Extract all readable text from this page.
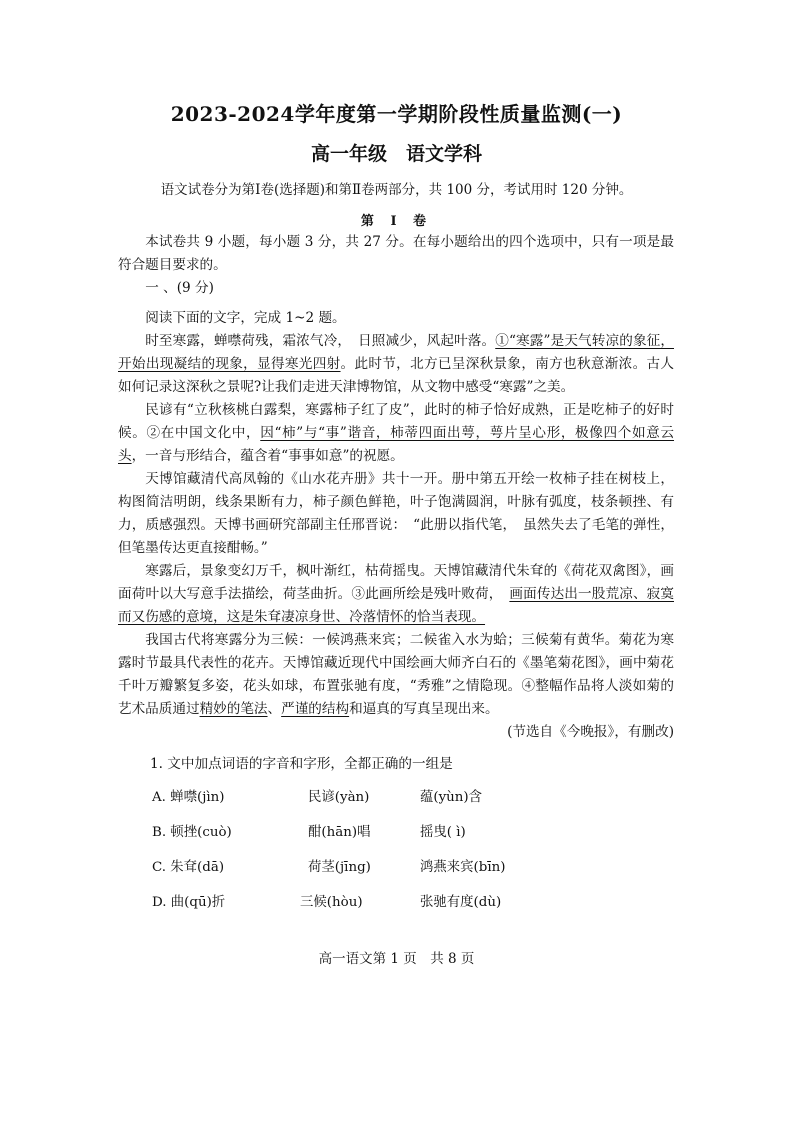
2023-2024学年度第一学期阶段性质量监测(一)
高一年级　语文学科
语文试卷分为第Ⅰ卷(选择题)和第Ⅱ卷两部分，共 100 分，考试用时 120 分钟。
第 Ⅰ 卷

本试卷共 9 小题，每小题 3 分，共 27 分。在每小题给出的四个选项中，只有一项是最符合题目要求的。

一 、(9 分)

阅读下面的文字，完成 1~2 题。

时至寒露，蝉噤荷残，霜浓气冷，　日照减少，风起叶落。①“寒露”是天气转凉的象征，开始出现凝结的现象，显得寒光四射。此时节，北方已呈深秋景象，南方也秋意渐浓。古人如何记录这深秋之景呢?让我们走进天津博物馆，从文物中感受“寒露”之美。

民谚有“立秋核桃白露梨，寒露柿子红了皮”，此时的柿子恰好成熟，正是吃柿子的好时候。②在中国文化中，因“柿”与“事”谐音，柿蒂四面出萼，萼片呈心形，极像四个如意云头，一音与形结合，蕴含着“事事如意”的祝愿。

天博馆藏清代高凤翰的《山水花卉册》共十一开。册中第五开绘一枚柿子挂在树枝上，构图简洁明朗，线条果断有力，柿子颜色鲜艳，叶子饱满圆润，叶脉有弧度，枝条顿挫、有力，质感强烈。天博书画研究部副主任邢晋说：　“此册以指代笔，　虽然失去了毛笔的弹性，但笔墨传达更直接酣畅。”

寒露后，景象变幻万千，枫叶渐红，枯荷摇曳。天博馆藏清代朱耷的《荷花双禽图》，画面荷叶以大写意手法描绘，荷茎曲折。③此画所绘是残叶败荷，　画面传达出一股荒凉、寂寞而又伤感的意境，这是朱耷凄凉身世、冷落情怀的恰当表现。

我国古代将寒露分为三候：一候鸿燕来宾；二候雀入水为蛤；三候菊有黄华。菊花为寒露时节最具代表性的花卉。天博馆藏近现代中国绘画大师齐白石的《墨笔菊花图》，画中菊花千叶万瓣繁复多姿，花头如球，布置张驰有度，“秀雅”之情隐现。④整幅作品将人淡如菊的艺术品质通过精妙的笔法、严谨的结构和逼真的写真呈现出来。

(节选自《今晚报》，有删改)

1. 文中加点词语的字音和字形，全都正确的一组是
A. 蝉噤(jìn)	民谚(yàn)	蕴(yùn)含
B. 顿挫(cuò)	酣(hān)唱	摇曳( ì)
C. 朱耷(dā)	荷茎(jīng)	鸿燕来宾(bīn)
D. 曲(qū)折	三候(hòu)	张驰有度(dù)
高一语文第 1 页　共 8 页
